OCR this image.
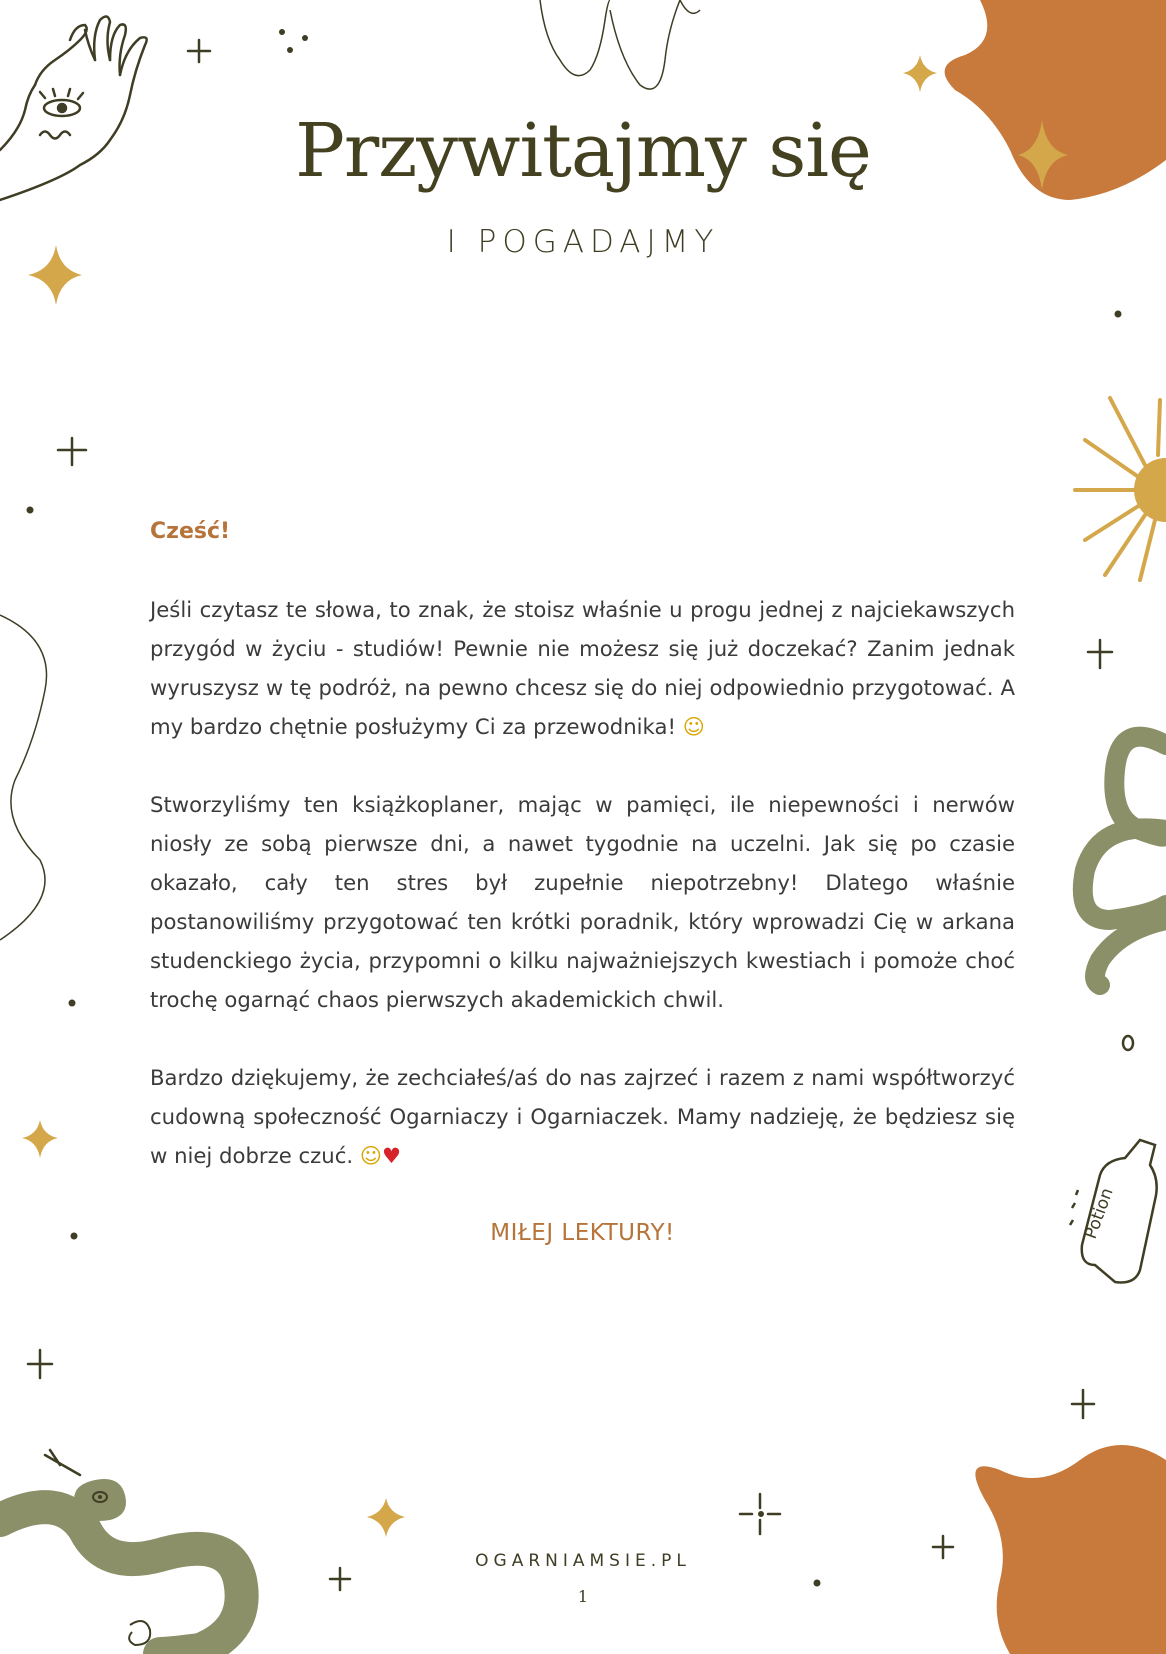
Potion
Przywitajmy się

I POGADAJMY

Cześć!

Jeśli czytasz te słowa, to znak, że stoisz właśnie u progu jednej z najciekawszych przygód w życiu - studiów! Pewnie nie możesz się już doczekać? Zanim jednak wyruszysz w tę podróż, na pewno chcesz się do niej odpowiednio przygotować. A my bardzo chętnie posłużymy Ci za przewodnika! ☺

Stworzyliśmy ten książkoplaner, mając w pamięci, ile niepewności i nerwów niosły ze sobą pierwsze dni, a nawet tygodnie na uczelni. Jak się po czasie okazało, cały ten stres był zupełnie niepotrzebny! Dlatego właśnie postanowiliśmy przygotować ten krótki poradnik, który wprowadzi Cię w arkana studenckiego życia, przypomni o kilku najważniejszych kwestiach i pomoże choć trochę ogarnąć chaos pierwszych akademickich chwil.

Bardzo dziękujemy, że zechciałeś/aś do nas zajrzeć i razem z nami współtworzyć cudowną społeczność Ogarniaczy i Ogarniaczek. Mamy nadzieję, że będziesz się w niej dobrze czuć. ☺♥

MIŁEJ LEKTURY!

OGARNIAMSIE.PL

1
